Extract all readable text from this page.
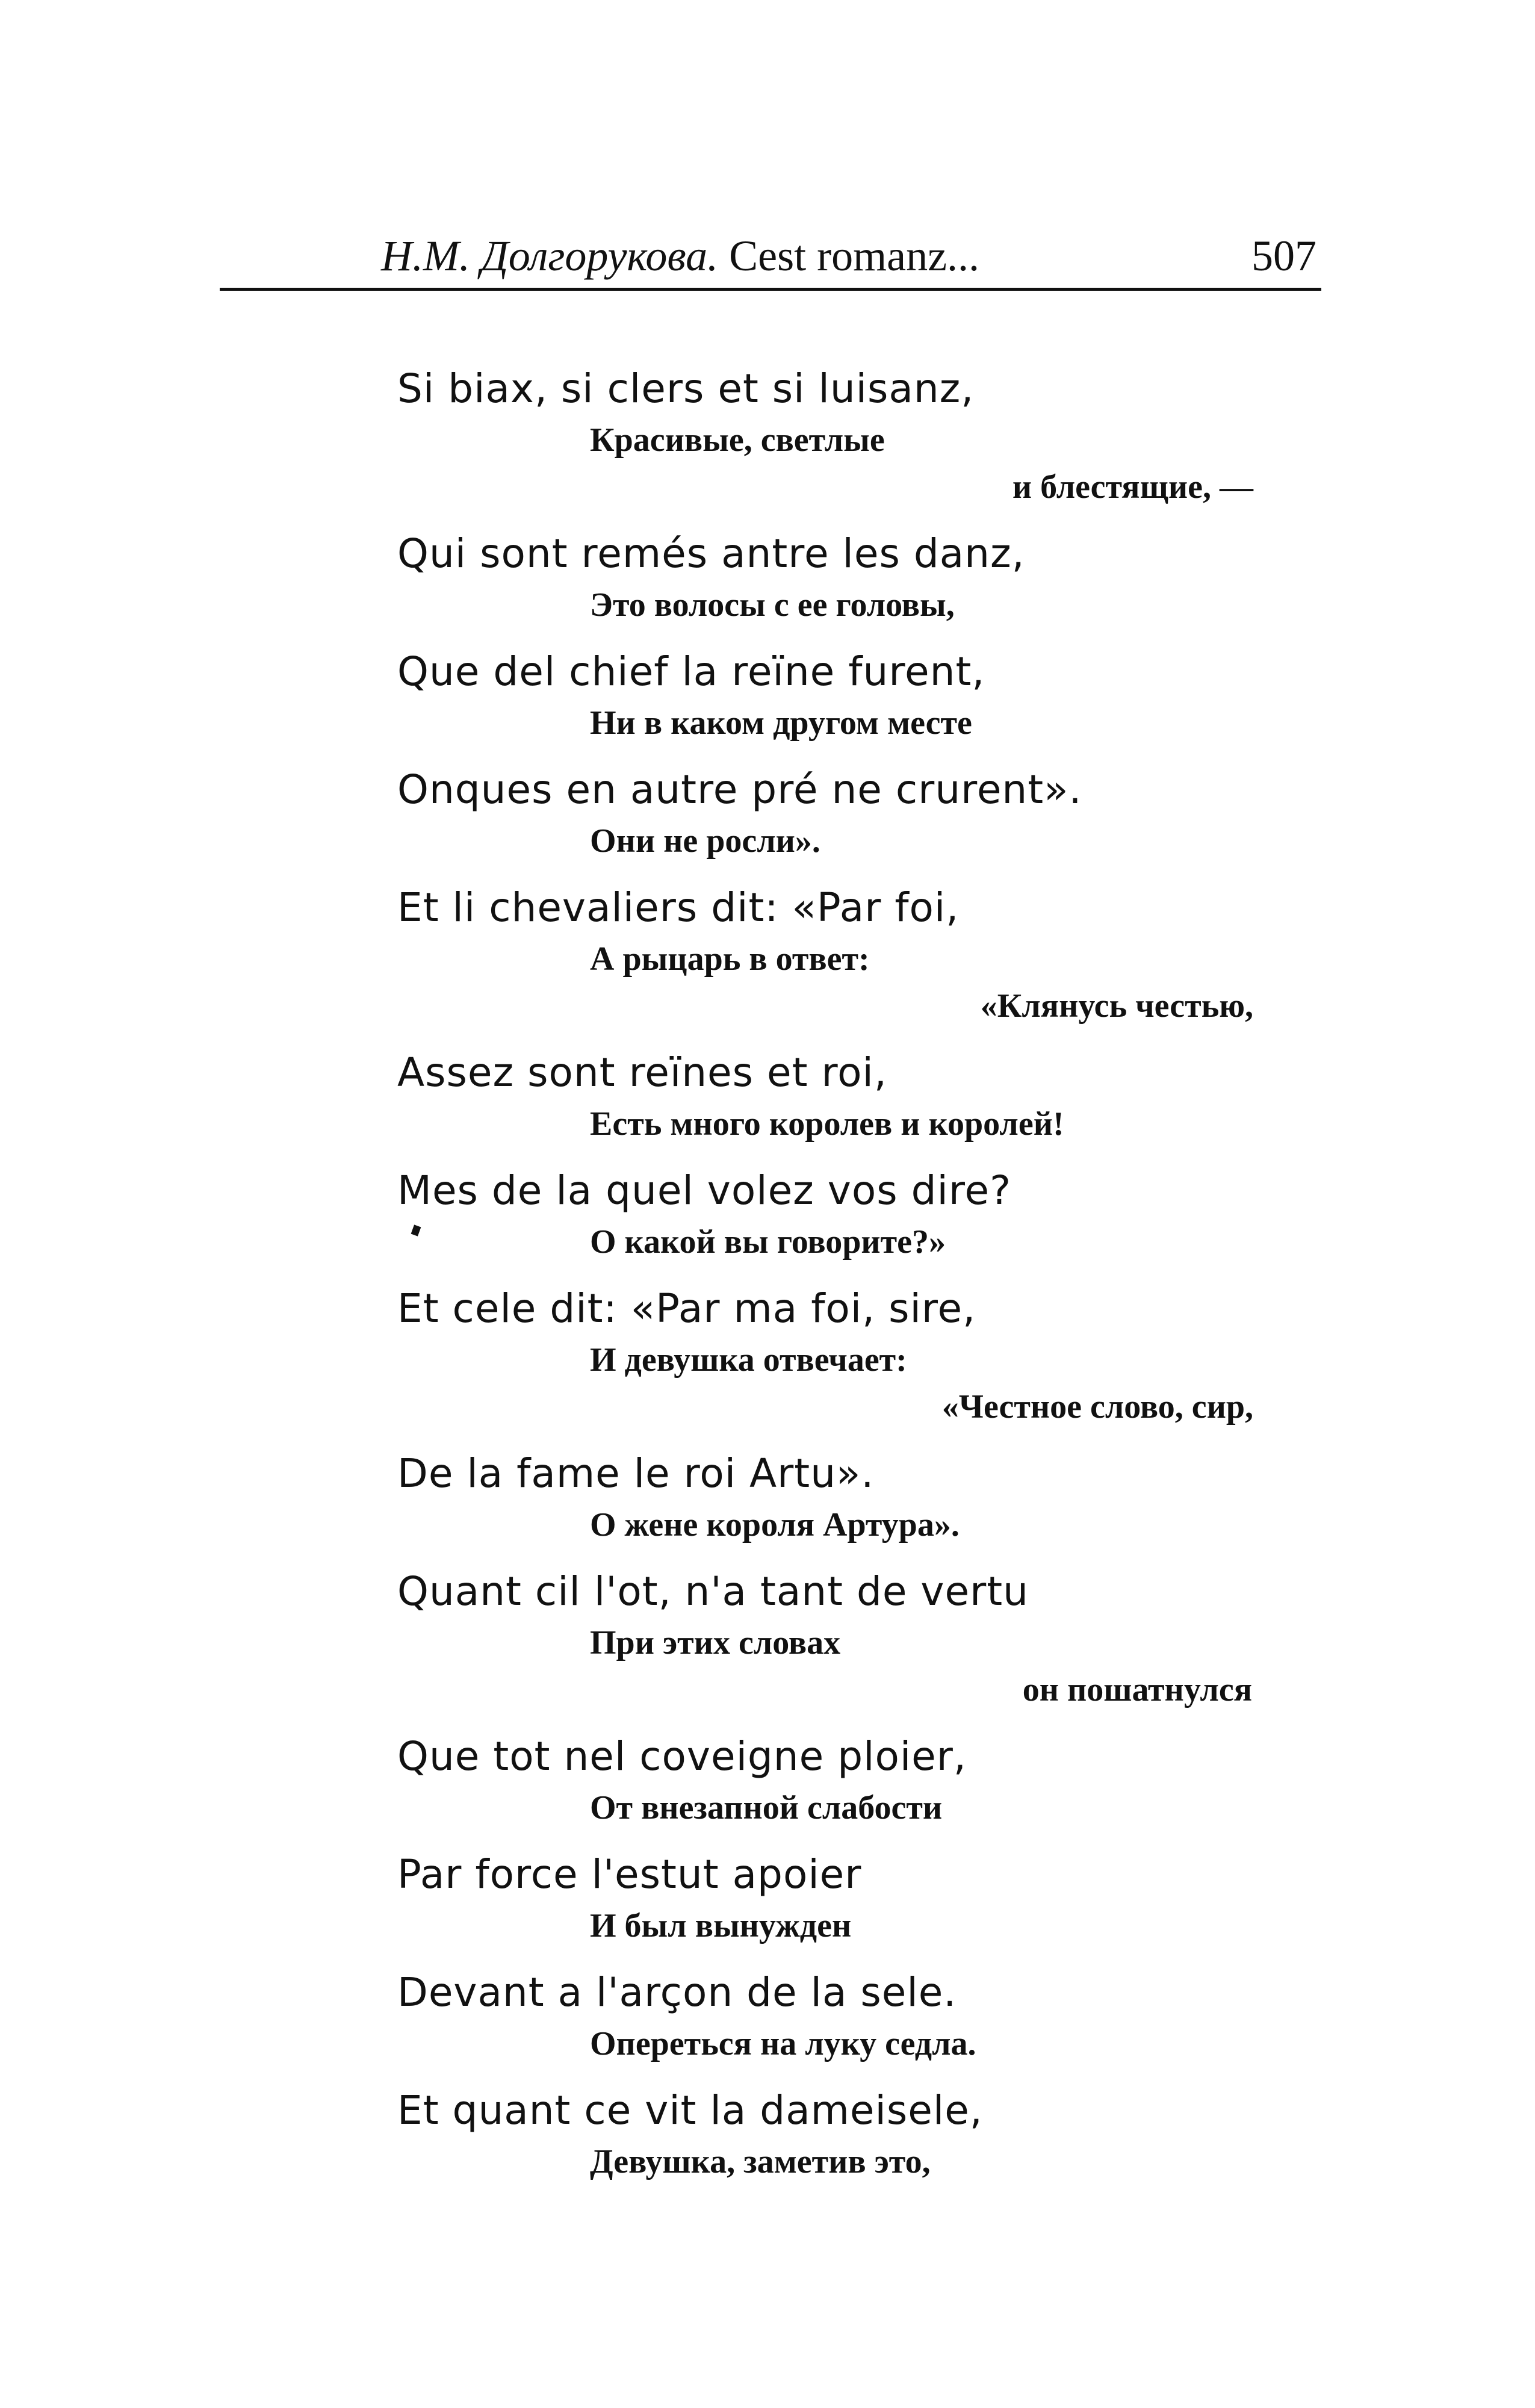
Н.М. Долгорукова. Cest romanz...	507
Si biax, si clers et si luisanz,
Красивые, светлые
и блестящие, —
Qui sont remés antre les danz,
Это волосы с ее головы,
Que del chief la reïne furent,
Ни в каком другом месте
Onques en autre pré ne crurent».
Они не росли».
Et li chevaliers dit: «Par foi,
А рыцарь в ответ:
«Клянусь честью,
Assez sont reïnes et roi,
Есть много королев и королей!
Mes de la quel volez vos dire?
О какой вы говорите?»
Et cele dit: «Par ma foi, sire,
И девушка отвечает:
«Честное слово, сир,
De la fame le roi Artu».
О жене короля Артура».
Quant cil l'ot, n'a tant de vertu
При этих словах
он пошатнулся
Que tot nel coveigne ploier,
От внезапной слабости
Par force l'estut apoier
И был вынужден
Devant a l'arçon de la sele.
Опереться на луку седла.
Et quant ce vit la dameisele,
Девушка, заметив это,
